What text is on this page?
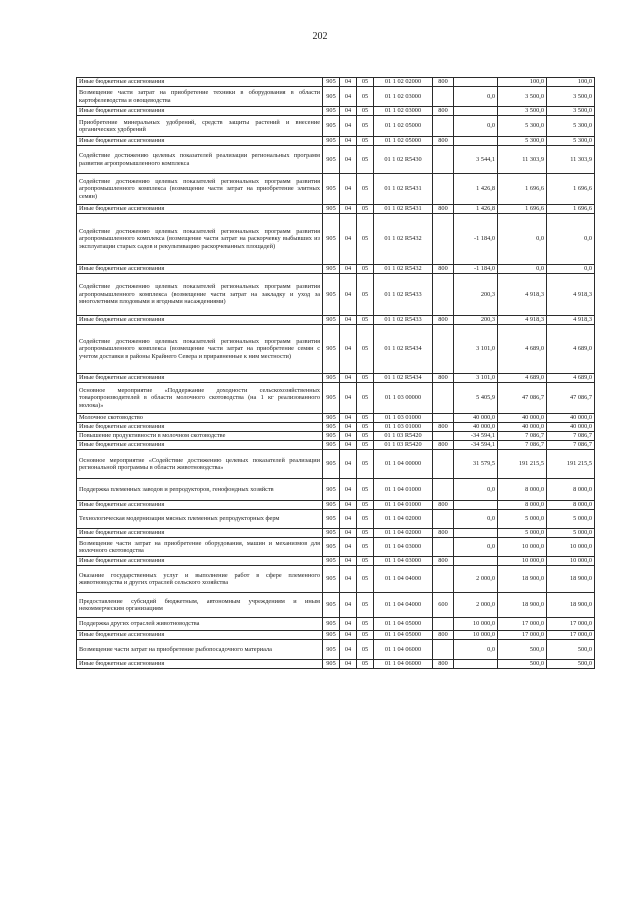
202
Иные бюджетные ассигнования	905	04	05	01 1 02 02000	800		100,0	100,0
Возмещение части затрат на приобретение техники в оборудования в области картофелеводства и овощеводства	905	04	05	01 1 02 03000		0,0	3 500,0	3 500,0
Иные бюджетные ассигнования	905	04	05	01 1 02 03000	800		3 500,0	3 500,0
Приобретение минеральных удобрений, средств защиты растений и внесение органических удобрений	905	04	05	01 1 02 05000		0,0	5 300,0	5 300,0
Иные бюджетные ассигнования	905	04	05	01 1 02 05000	800		5 300,0	5 300,0
Содействие достижению целевых показателей реализации региональных программ развития агропромышленного комплекса	905	04	05	01 1 02 R5430		3 544,1	11 303,9	11 303,9
Содействие достижению целевых показателей региональных программ развития агропромышленного комплекса (возмещение части затрат на приобретение элитных семян)	905	04	05	01 1 02 R5431		1 426,8	1 696,6	1 696,6
Иные бюджетные ассигнования	905	04	05	01 1 02 R5431	800	1 426,8	1 696,6	1 696,6
Содействие достижению целевых показателей региональных программ развития агропромышленного комплекса (возмещение части затрат на раскорчевку выбывших из эксплуатации старых садов и рекультивацию раскорчеванных площадей)	905	04	05	01 1 02 R5432		-1 184,0	0,0	0,0
Иные бюджетные ассигнования	905	04	05	01 1 02 R5432	800	-1 184,0	0,0	0,0
Содействие достижению целевых показателей региональных программ развития агропромышленного комплекса (возмещение части затрат на закладку и уход за многолетними плодовыми и ягодными насаждениями)	905	04	05	01 1 02 R5433		200,3	4 918,3	4 918,3
Иные бюджетные ассигнования	905	04	05	01 1 02 R5433	800	200,3	4 918,3	4 918,3
Содействие достижению целевых показателей региональных программ развития агропромышленного комплекса (возмещение части затрат на приобретение семян с учетом доставки в районы Крайнего Севера и приравненные к ним местности)	905	04	05	01 1 02 R5434		3 101,0	4 689,0	4 689,0
Иные бюджетные ассигнования	905	04	05	01 1 02 R5434	800	3 101,0	4 689,0	4 689,0
Основное мероприятие «Поддержание доходности сельскохозяйственных товаропроизводителей в области молочного скотоводства (на 1 кг реализованного молока)»	905	04	05	01 1 03 00000		5 405,9	47 086,7	47 086,7
Молочное скотоводство	905	04	05	01 1 03 01000		40 000,0	40 000,0	40 000,0
Иные бюджетные ассигнования	905	04	05	01 1 03 01000	800	40 000,0	40 000,0	40 000,0
Повышение продуктивности в молочном скотоводстве	905	04	05	01 1 03 R5420		-34 594,1	7 086,7	7 086,7
Иные бюджетные ассигнования	905	04	05	01 1 03 R5420	800	-34 594,1	7 086,7	7 086,7
Основное мероприятие «Содействие достижению целевых показателей реализации региональной программы в области животноводства»	905	04	05	01 1 04 00000		31 579,5	191 215,5	191 215,5
Поддержка племенных заводов и репродукторов, генофондных хозяйств	905	04	05	01 1 04 01000		0,0	8 000,0	8 000,0
Иные бюджетные ассигнования	905	04	05	01 1 04 01000	800		8 000,0	8 000,0
Технологическая модернизация мясных племенных репродукторных ферм	905	04	05	01 1 04 02000		0,0	5 000,0	5 000,0
Иные бюджетные ассигнования	905	04	05	01 1 04 02000	800		5 000,0	5 000,0
Возмещение части затрат на приобретение оборудования, машин и механизмов для молочного скотоводства	905	04	05	01 1 04 03000		0,0	10 000,0	10 000,0
Иные бюджетные ассигнования	905	04	05	01 1 04 03000	800		10 000,0	10 000,0
Оказание государственных услуг и выполнение работ в сфере племенного животноводства и других отраслей сельского хозяйства	905	04	05	01 1 04 04000		2 000,0	18 900,0	18 900,0
Предоставление субсидий бюджетным, автономным учреждениям и иным некоммерческим организациям	905	04	05	01 1 04 04000	600	2 000,0	18 900,0	18 900,0
Поддержка других отраслей животноводства	905	04	05	01 1 04 05000		10 000,0	17 000,0	17 000,0
Иные бюджетные ассигнования	905	04	05	01 1 04 05000	800	10 000,0	17 000,0	17 000,0
Возмещение части затрат на приобретение рыбопосадочного материала	905	04	05	01 1 04 06000		0,0	500,0	500,0
Иные бюджетные ассигнования	905	04	05	01 1 04 06000	800		500,0	500,0
